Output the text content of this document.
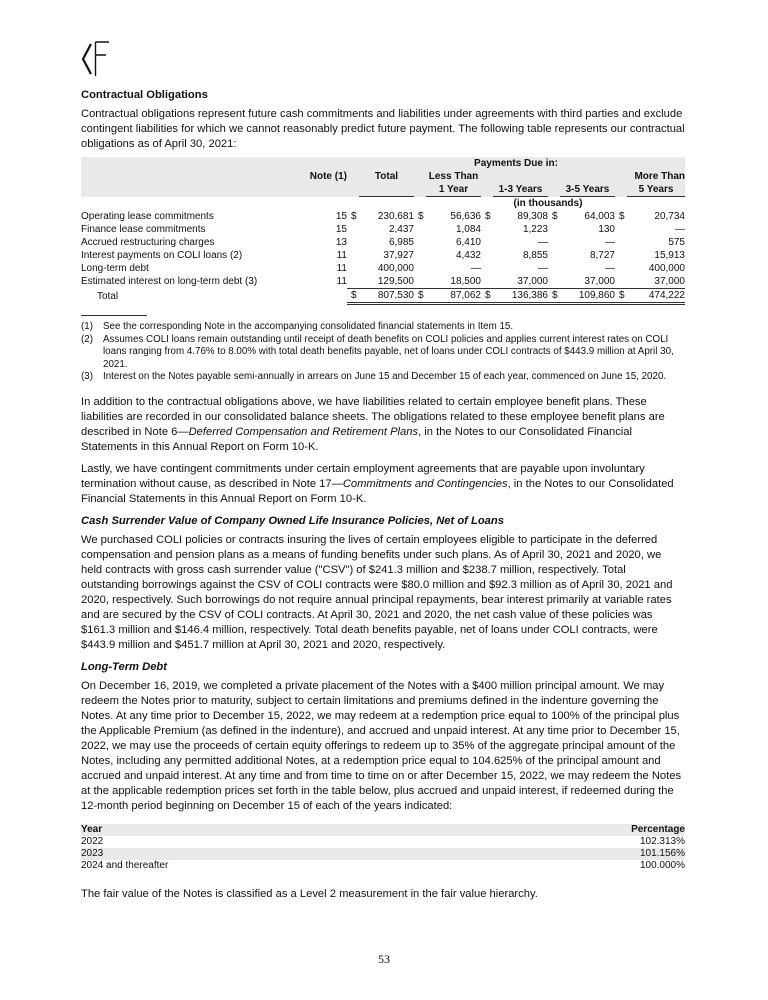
Contractual Obligations

Contractual obligations represent future cash commitments and liabilities under agreements with third parties and exclude contingent liabilities for which we cannot reasonably predict future payment. The following table represents our contractual obligations as of April 30, 2021:

		Payments Due in:									
	Note (1)		Total		Less Than						More Than
					1 Year		1-3 Years		3-5 Years		5 Years
						(in thousands)					
Operating lease commitments	15	$	230,681	$	56,636	$	89,308	$	64,003	$	20,734
Finance lease commitments	15		2,437		1,084		1,223		130		—
Accrued restructuring charges	13		6,985		6,410		—		—		575
Interest payments on COLI loans (2)	11		37,927		4,432		8,855		8,727		15,913
Long-term debt	11		400,000		—		—		—		400,000
Estimated interest on long-term debt (3)	11		129,500		18,500		37,000		37,000		37,000
Total		$	807,530	$	87,062	$	136,386	$	109,860	$	474,222
(1)	See the corresponding Note in the accompanying consolidated financial statements in Item 15.
(2)	Assumes COLI loans remain outstanding until receipt of death benefits on COLI policies and applies current interest rates on COLI loans ranging from 4.76% to 8.00% with total death benefits payable, net of loans under COLI contracts of $443.9 million at April 30, 2021.
(3)	Interest on the Notes payable semi-annually in arrears on June 15 and December 15 of each year, commenced on June 15, 2020.

In addition to the contractual obligations above, we have liabilities related to certain employee benefit plans. These liabilities are recorded in our consolidated balance sheets. The obligations related to these employee benefit plans are described in Note 6—Deferred Compensation and Retirement Plans, in the Notes to our Consolidated Financial Statements in this Annual Report on Form 10-K.

Lastly, we have contingent commitments under certain employment agreements that are payable upon involuntary termination without cause, as described in Note 17—Commitments and Contingencies, in the Notes to our Consolidated Financial Statements in this Annual Report on Form 10-K.

Cash Surrender Value of Company Owned Life Insurance Policies, Net of Loans

We purchased COLI policies or contracts insuring the lives of certain employees eligible to participate in the deferred compensation and pension plans as a means of funding benefits under such plans. As of April 30, 2021 and 2020, we held contracts with gross cash surrender value ("CSV") of $241.3 million and $238.7 million, respectively. Total outstanding borrowings against the CSV of COLI contracts were $80.0 million and $92.3 million as of April 30, 2021 and 2020, respectively. Such borrowings do not require annual principal repayments, bear interest primarily at variable rates and are secured by the CSV of COLI contracts. At April 30, 2021 and 2020, the net cash value of these policies was $161.3 million and $146.4 million, respectively. Total death benefits payable, net of loans under COLI contracts, were $443.9 million and $451.7 million at April 30, 2021 and 2020, respectively.

Long-Term Debt

On December 16, 2019, we completed a private placement of the Notes with a $400 million principal amount. We may redeem the Notes prior to maturity, subject to certain limitations and premiums defined in the indenture governing the Notes. At any time prior to December 15, 2022, we may redeem at a redemption price equal to 100% of the principal plus the Applicable Premium (as defined in the indenture), and accrued and unpaid interest. At any time prior to December 15, 2022, we may use the proceeds of certain equity offerings to redeem up to 35% of the aggregate principal amount of the Notes, including any permitted additional Notes, at a redemption price equal to 104.625% of the principal amount and accrued and unpaid interest. At any time and from time to time on or after December 15, 2022, we may redeem the Notes at the applicable redemption prices set forth in the table below, plus accrued and unpaid interest, if redeemed during the 12-month period beginning on December 15 of each of the years indicated:

Year	Percentage
2022	102.313%
2023	101.156%
2024 and thereafter	100.000%

The fair value of the Notes is classified as a Level 2 measurement in the fair value hierarchy.

53
